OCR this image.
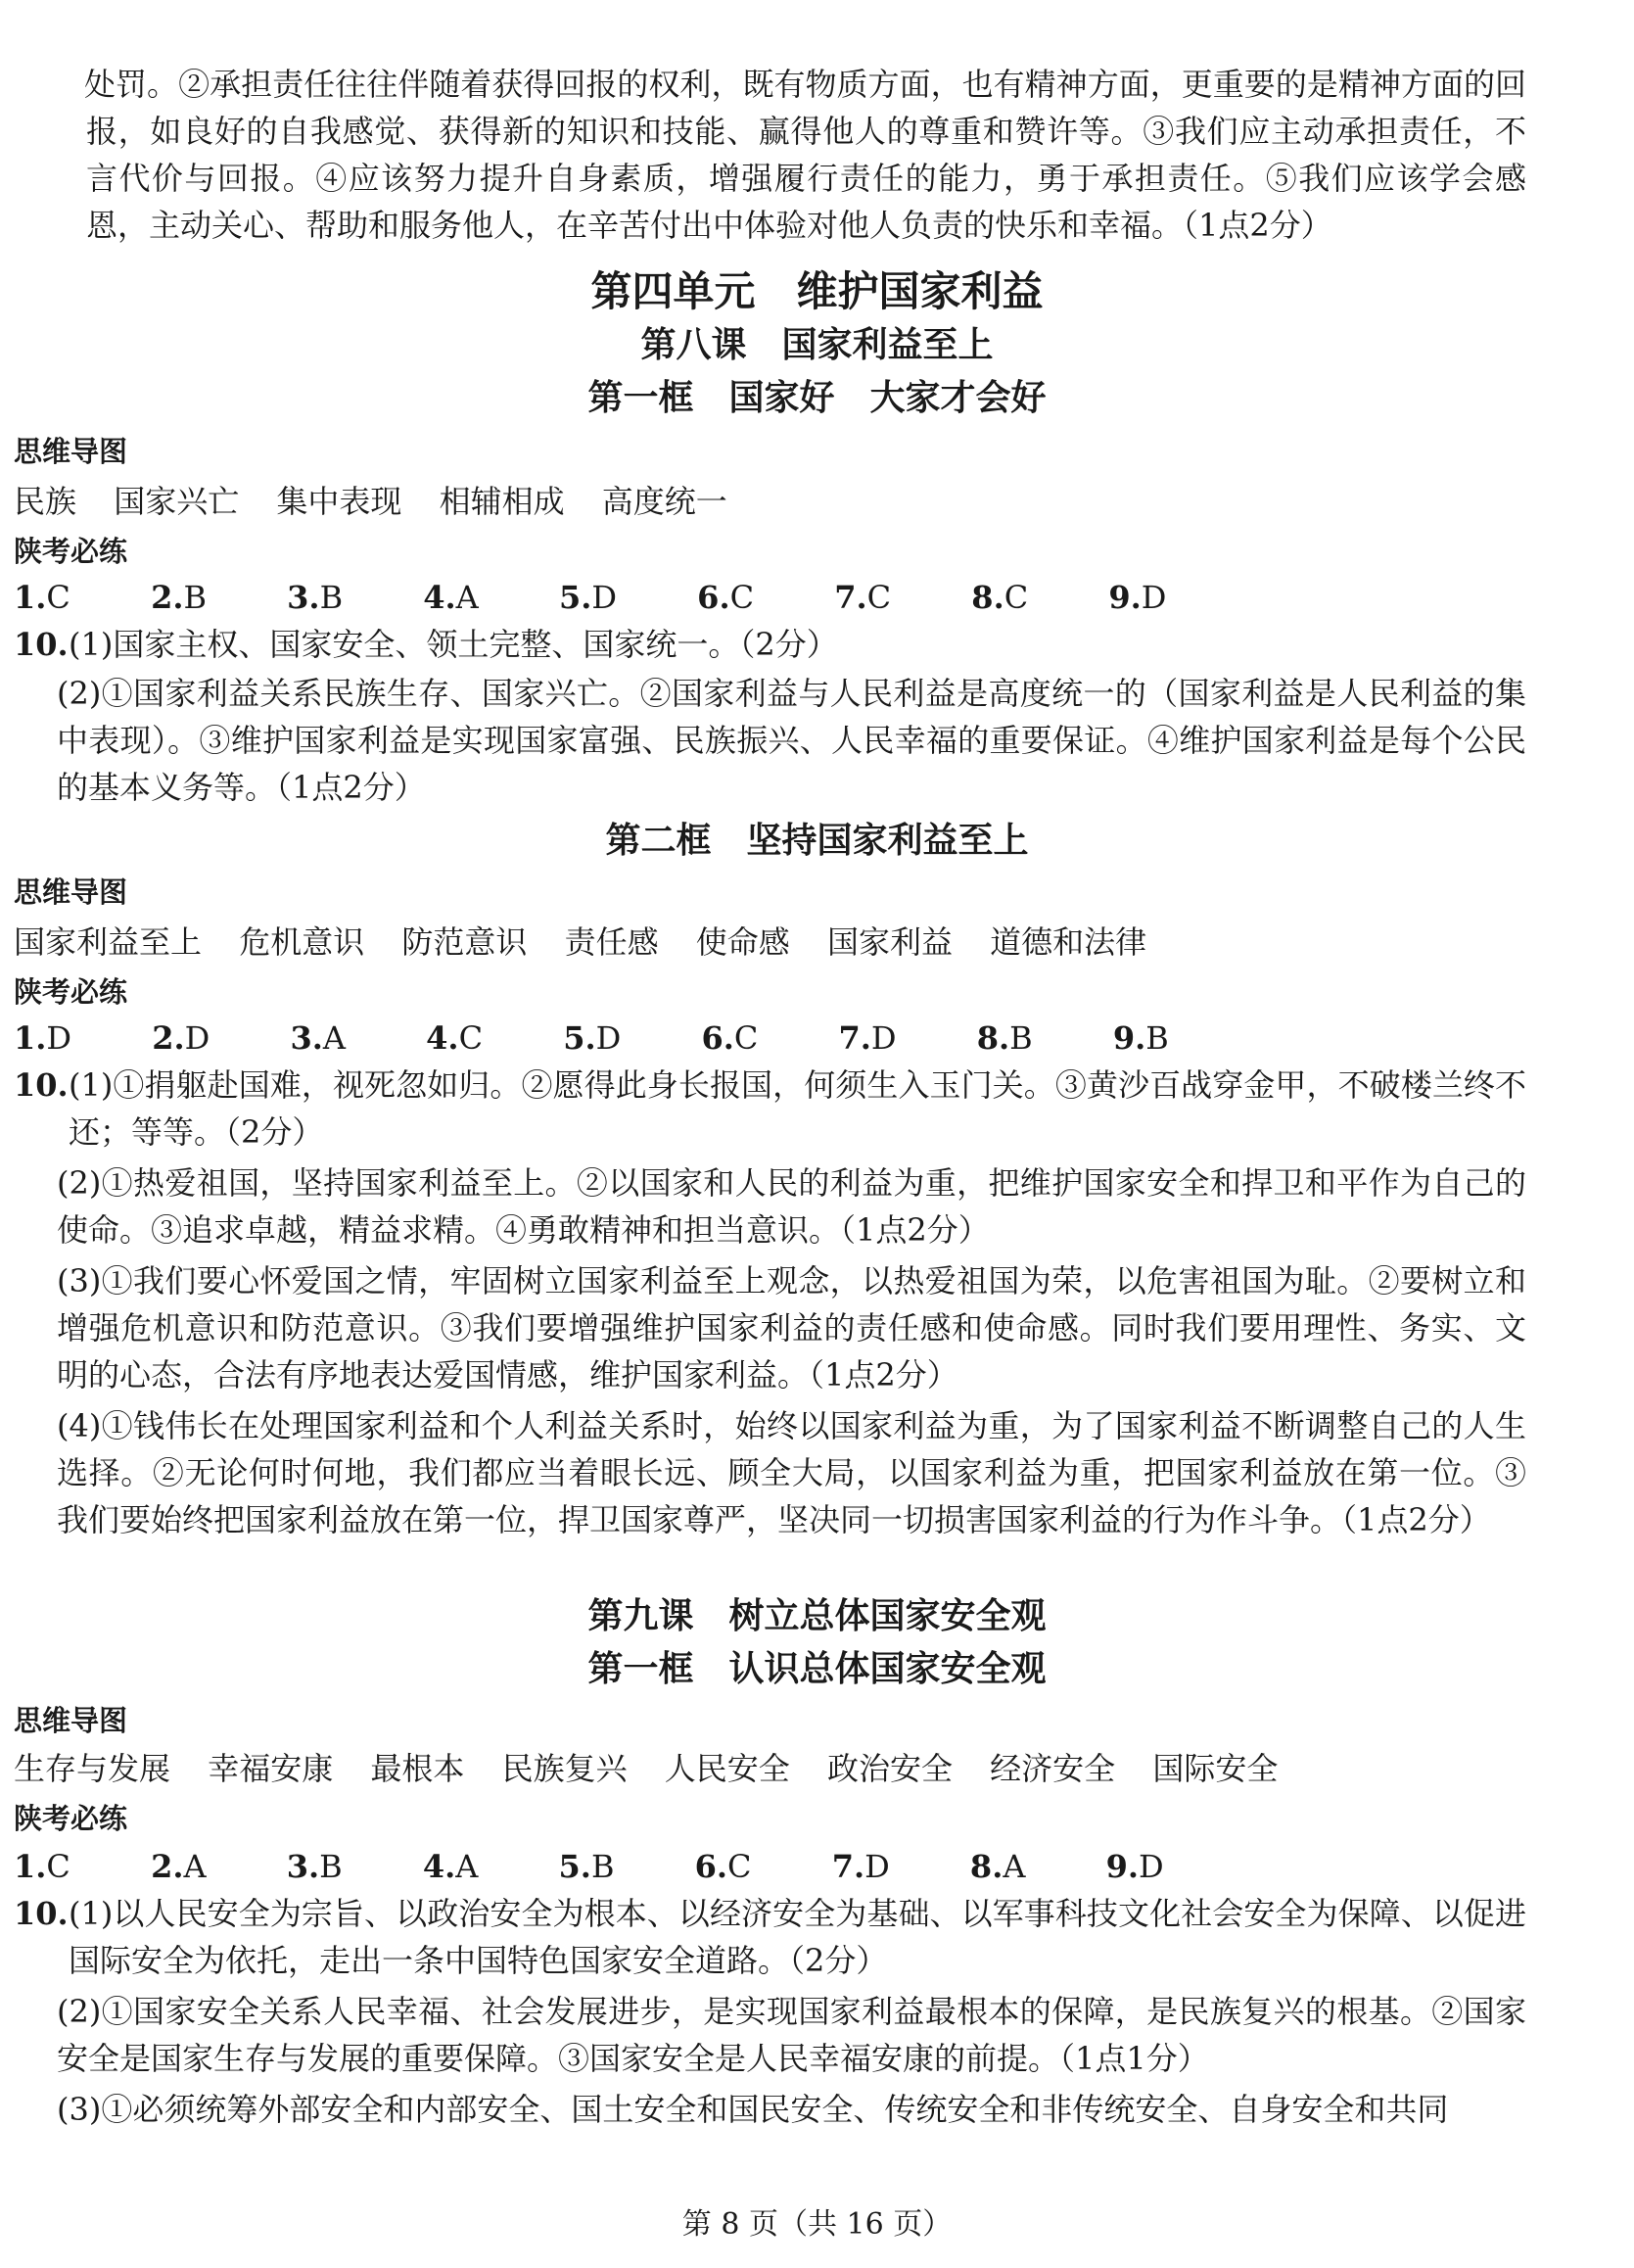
处罚。②承担责任往往伴随着获得回报的权利，既有物质方面，也有精神方面，更重要的是精神方面的回报，如良好的自我感觉、获得新的知识和技能、赢得他人的尊重和赞许等。③我们应主动承担责任，不言代价与回报。④应该努力提升自身素质，增强履行责任的能力，勇于承担责任。⑤我们应该学会感恩，主动关心、帮助和服务他人，在辛苦付出中体验对他人负责的快乐和幸福。（1点2分）
第四单元　维护国家利益
第八课　国家利益至上
第一框　国家好　大家才会好
思维导图
民族 国家兴亡 集中表现 相辅相成 高度统一
陕考必练
1.C	2.B	3.B	4.A	5.D	6.C	7.C	8.C	9.D
10. (1)国家主权、国家安全、领土完整、国家统一。（2分）
(2)①国家利益关系民族生存、国家兴亡。②国家利益与人民利益是高度统一的（国家利益是人民利益的集中表现）。③维护国家利益是实现国家富强、民族振兴、人民幸福的重要保证。④维护国家利益是每个公民的基本义务等。（1点2分）
第二框　坚持国家利益至上
思维导图
国家利益至上 危机意识 防范意识 责任感 使命感 国家利益 道德和法律
陕考必练
1.D	2.D	3.A	4.C	5.D	6.C	7.D	8.B	9.B
10. (1)①捐躯赴国难，视死忽如归。②愿得此身长报国，何须生入玉门关。③黄沙百战穿金甲，不破楼兰终不还；等等。（2分）
(2)①热爱祖国，坚持国家利益至上。②以国家和人民的利益为重，把维护国家安全和捍卫和平作为自己的使命。③追求卓越，精益求精。④勇敢精神和担当意识。（1点2分）
(3)①我们要心怀爱国之情，牢固树立国家利益至上观念，以热爱祖国为荣，以危害祖国为耻。②要树立和增强危机意识和防范意识。③我们要增强维护国家利益的责任感和使命感。同时我们要用理性、务实、文明的心态，合法有序地表达爱国情感，维护国家利益。（1点2分）
(4)①钱伟长在处理国家利益和个人利益关系时，始终以国家利益为重，为了国家利益不断调整自己的人生选择。②无论何时何地，我们都应当着眼长远、顾全大局，以国家利益为重，把国家利益放在第一位。③我们要始终把国家利益放在第一位，捍卫国家尊严，坚决同一切损害国家利益的行为作斗争。（1点2分）
第九课　树立总体国家安全观
第一框　认识总体国家安全观
思维导图
生存与发展 幸福安康 最根本 民族复兴 人民安全 政治安全 经济安全 国际安全
陕考必练
1.C	2.A	3.B	4.A	5.B	6.C	7.D	8.A	9.D
10. (1)以人民安全为宗旨、以政治安全为根本、以经济安全为基础、以军事科技文化社会安全为保障、以促进国际安全为依托，走出一条中国特色国家安全道路。（2分）
(2)①国家安全关系人民幸福、社会发展进步，是实现国家利益最根本的保障，是民族复兴的根基。②国家安全是国家生存与发展的重要保障。③国家安全是人民幸福安康的前提。（1点1分）
(3)①必须统筹外部安全和内部安全、国土安全和国民安全、传统安全和非传统安全、自身安全和共同
第 8 页（共 16 页）
